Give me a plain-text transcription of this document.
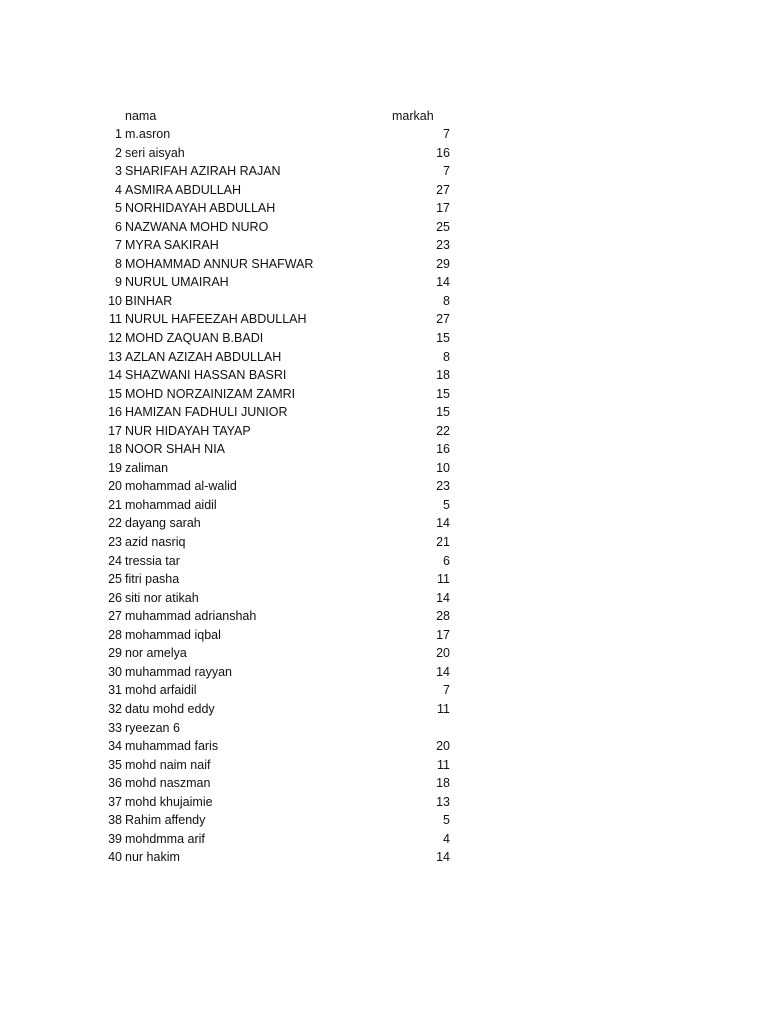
nama	markah
1 m.asron	7
2 seri aisyah	16
3 SHARIFAH AZIRAH RAJAN	7
4 ASMIRA ABDULLAH	27
5 NORHIDAYAH ABDULLAH	17
6 NAZWANA MOHD NURO	25
7 MYRA SAKIRAH	23
8 MOHAMMAD ANNUR SHAFWAR	29
9 NURUL UMAIRAH	14
10 BINHAR	8
11 NURUL HAFEEZAH ABDULLAH	27
12 MOHD ZAQUAN B.BADI	15
13 AZLAN AZIZAH ABDULLAH	8
14 SHAZWANI HASSAN BASRI	18
15 MOHD NORZAINIZAM ZAMRI	15
16 HAMIZAN FADHULI JUNIOR	15
17 NUR HIDAYAH TAYAP	22
18 NOOR SHAH NIA	16
19 zaliman	10
20 mohammad al-walid	23
21 mohammad aidil	5
22 dayang sarah	14
23 azid nasriq	21
24 tressia tar	6
25 fitri pasha	11
26 siti nor atikah	14
27 muhammad adrianshah	28
28 mohammad iqbal	17
29 nor amelya	20
30 muhammad rayyan	14
31 mohd arfaidil	7
32 datu mohd eddy	11
33 ryeezan 6
34 muhammad faris	20
35 mohd naim naif	11
36 mohd naszman	18
37 mohd khujaimie	13
38 Rahim affendy	5
39 mohdmma arif	4
40 nur hakim	14
